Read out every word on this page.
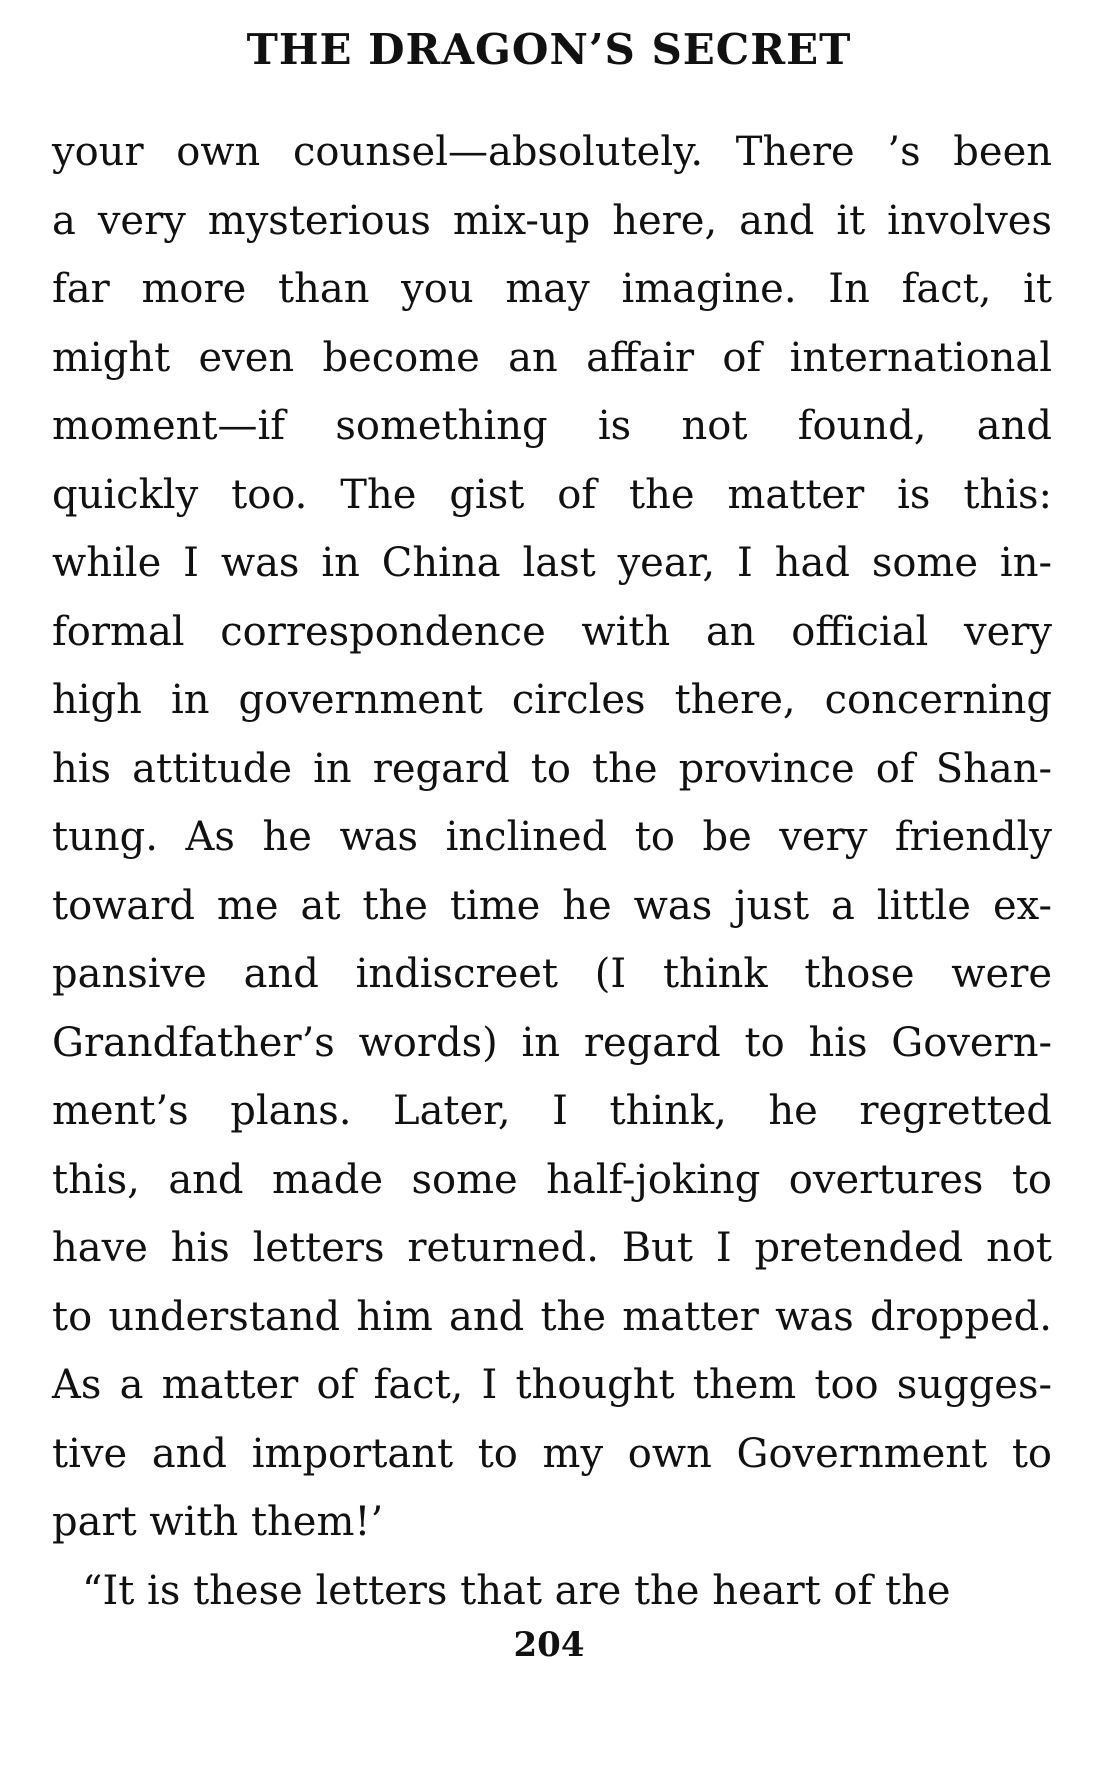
THE DRAGON’S SECRET
your own counsel—absolutely. There ’s been
a very mysterious mix-up here, and it involves
far more than you may imagine. In fact, it
might even become an affair of international
moment—if something is not found, and
quickly too. The gist of the matter is this:
while I was in China last year, I had some in-
formal correspondence with an official very
high in government circles there, concerning
his attitude in regard to the province of Shan-
tung. As he was inclined to be very friendly
toward me at the time he was just a little ex-
pansive and indiscreet (I think those were
Grandfather’s words) in regard to his Govern-
ment’s plans. Later, I think, he regretted
this, and made some half-joking overtures to
have his letters returned. But I pretended not
to understand him and the matter was dropped.
As a matter of fact, I thought them too sugges-
tive and important to my own Government to
part with them!’
“It is these letters that are the heart of the
204
